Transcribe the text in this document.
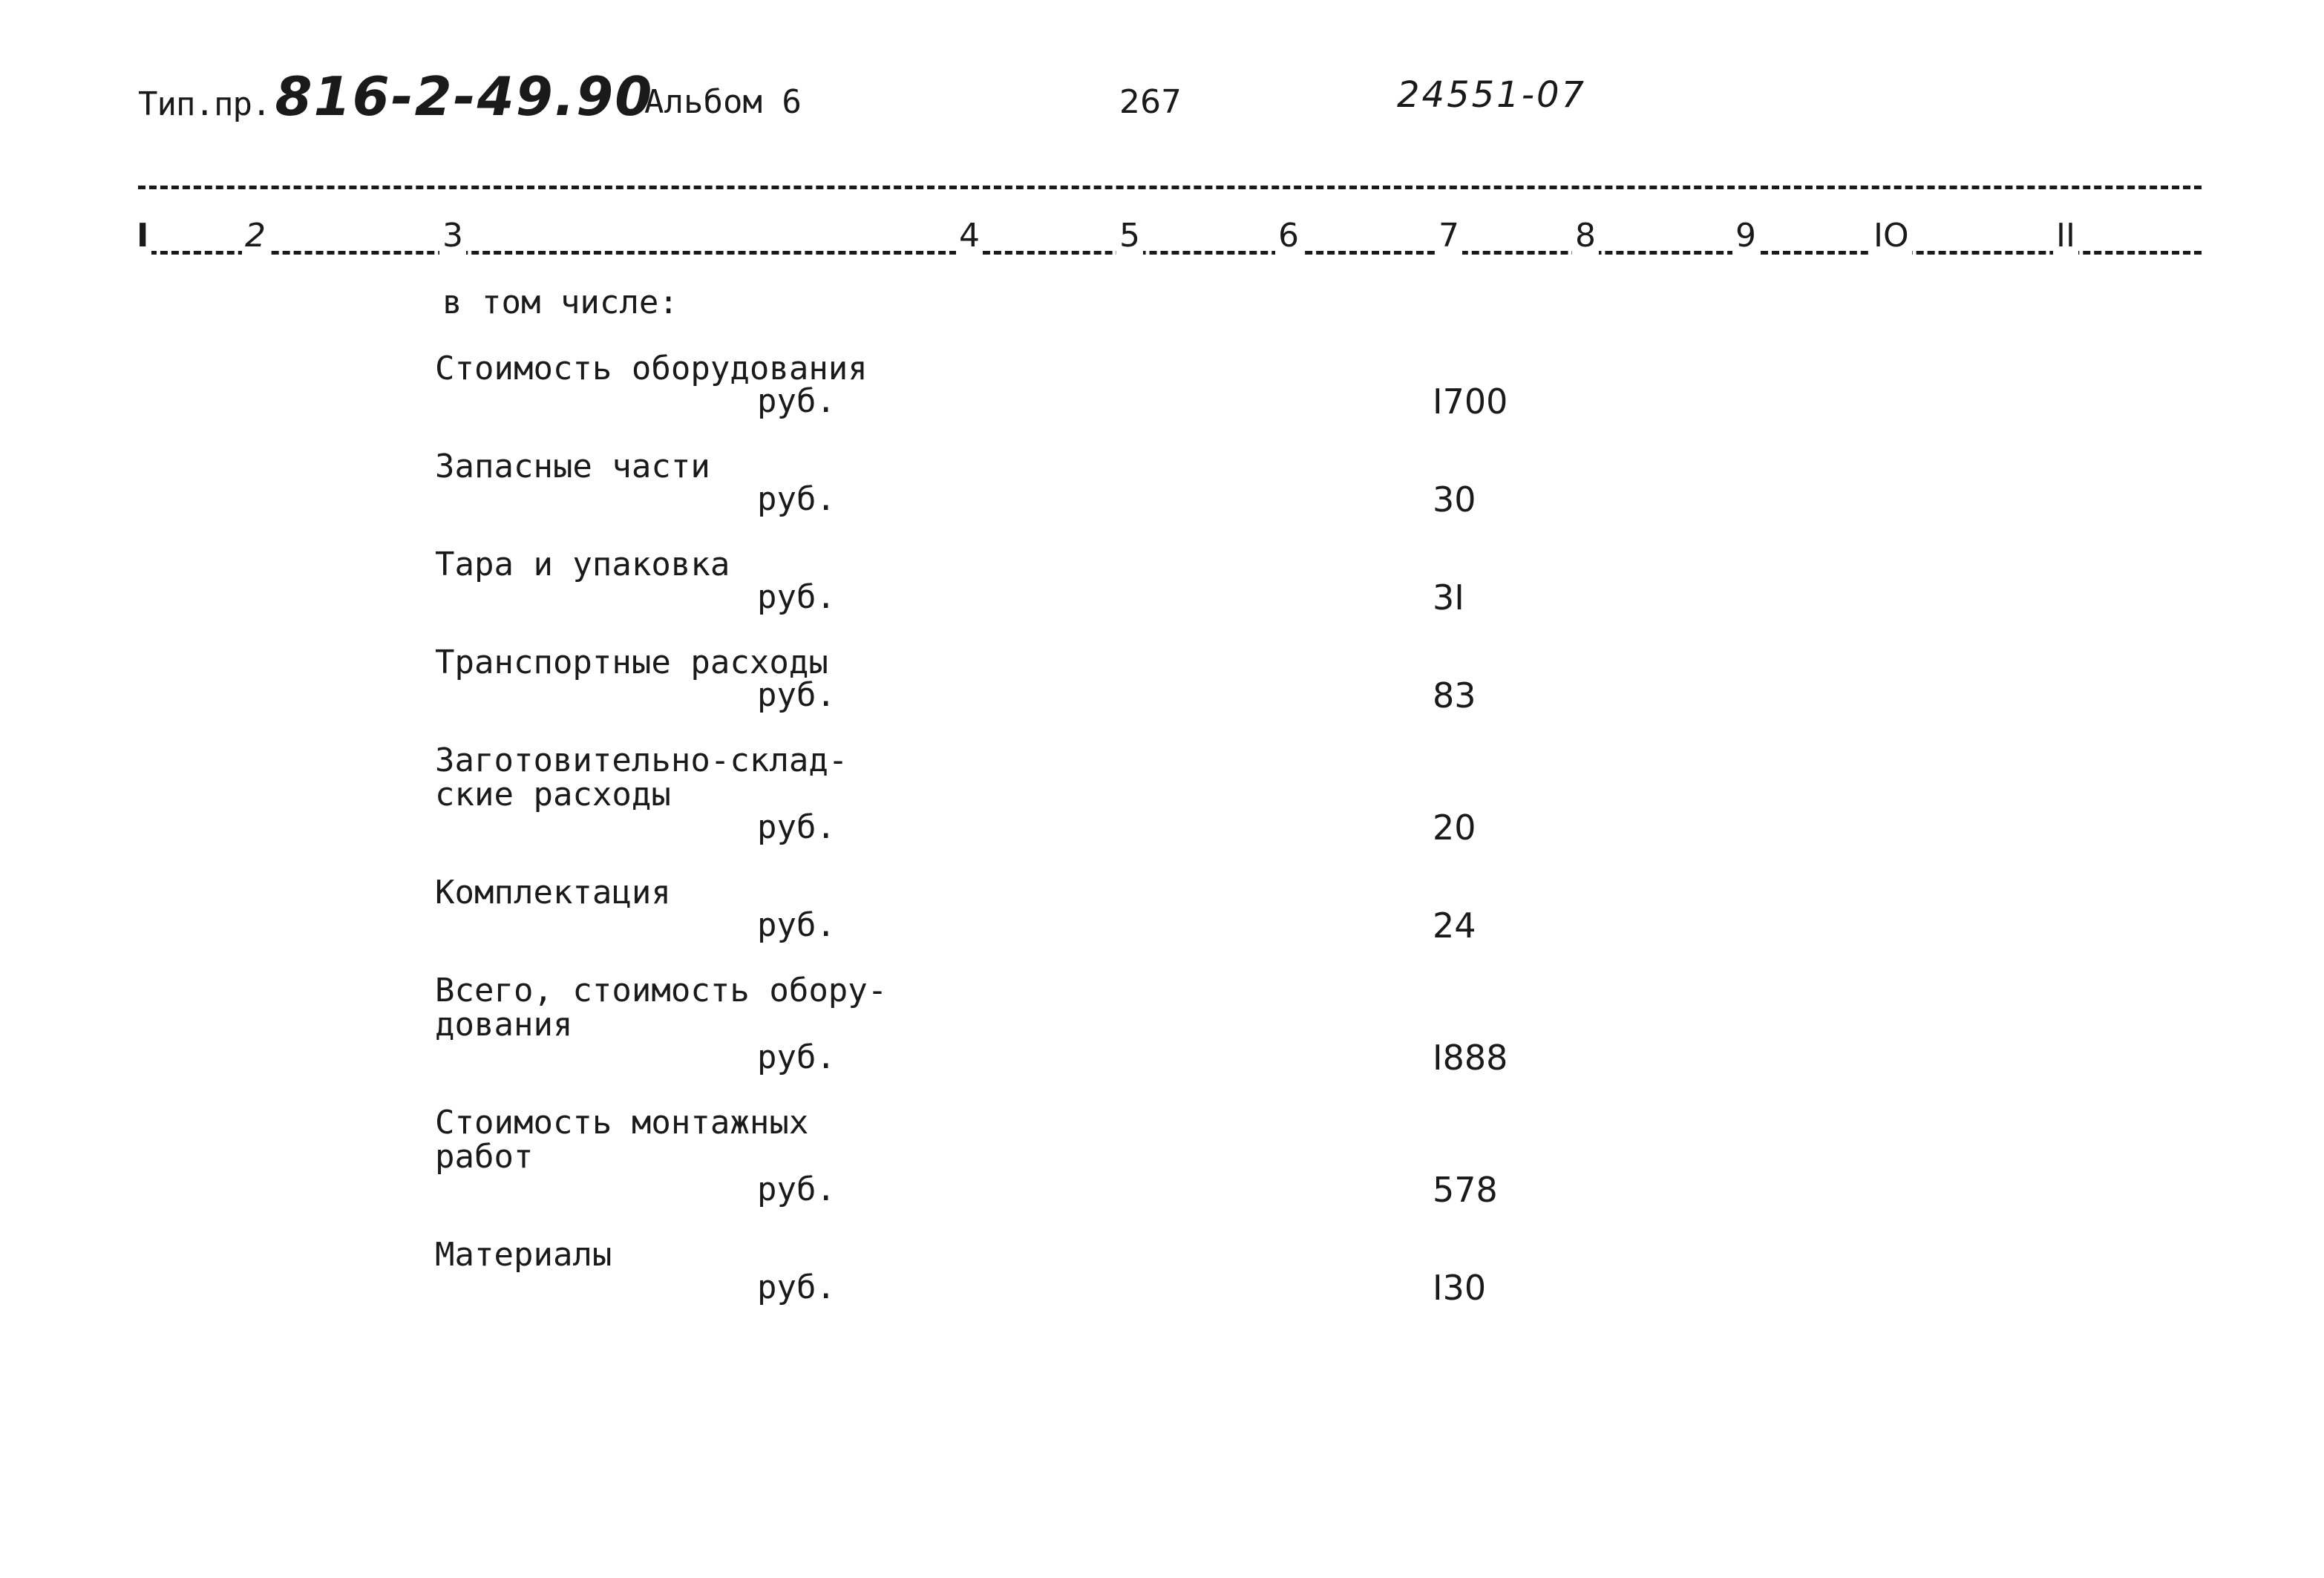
Тип.пр.816-2-49.90
Альбом 6	267	24551-07
I	2	3	4	5	6	7	8	9	IO	II
в том числе:

Стоимость оборудования

руб.	I700

Запасные части

руб.	30

Тара и упаковка

руб.	3I

Транспортные расходы

руб.	83

Заготовительно-склад-
ские расходы

руб.	20

Комплектация

руб.	24

Всего, стоимость обору-
дования

руб.	I888

Стоимость монтажных
работ

руб.	578

Материалы

руб.	I30
